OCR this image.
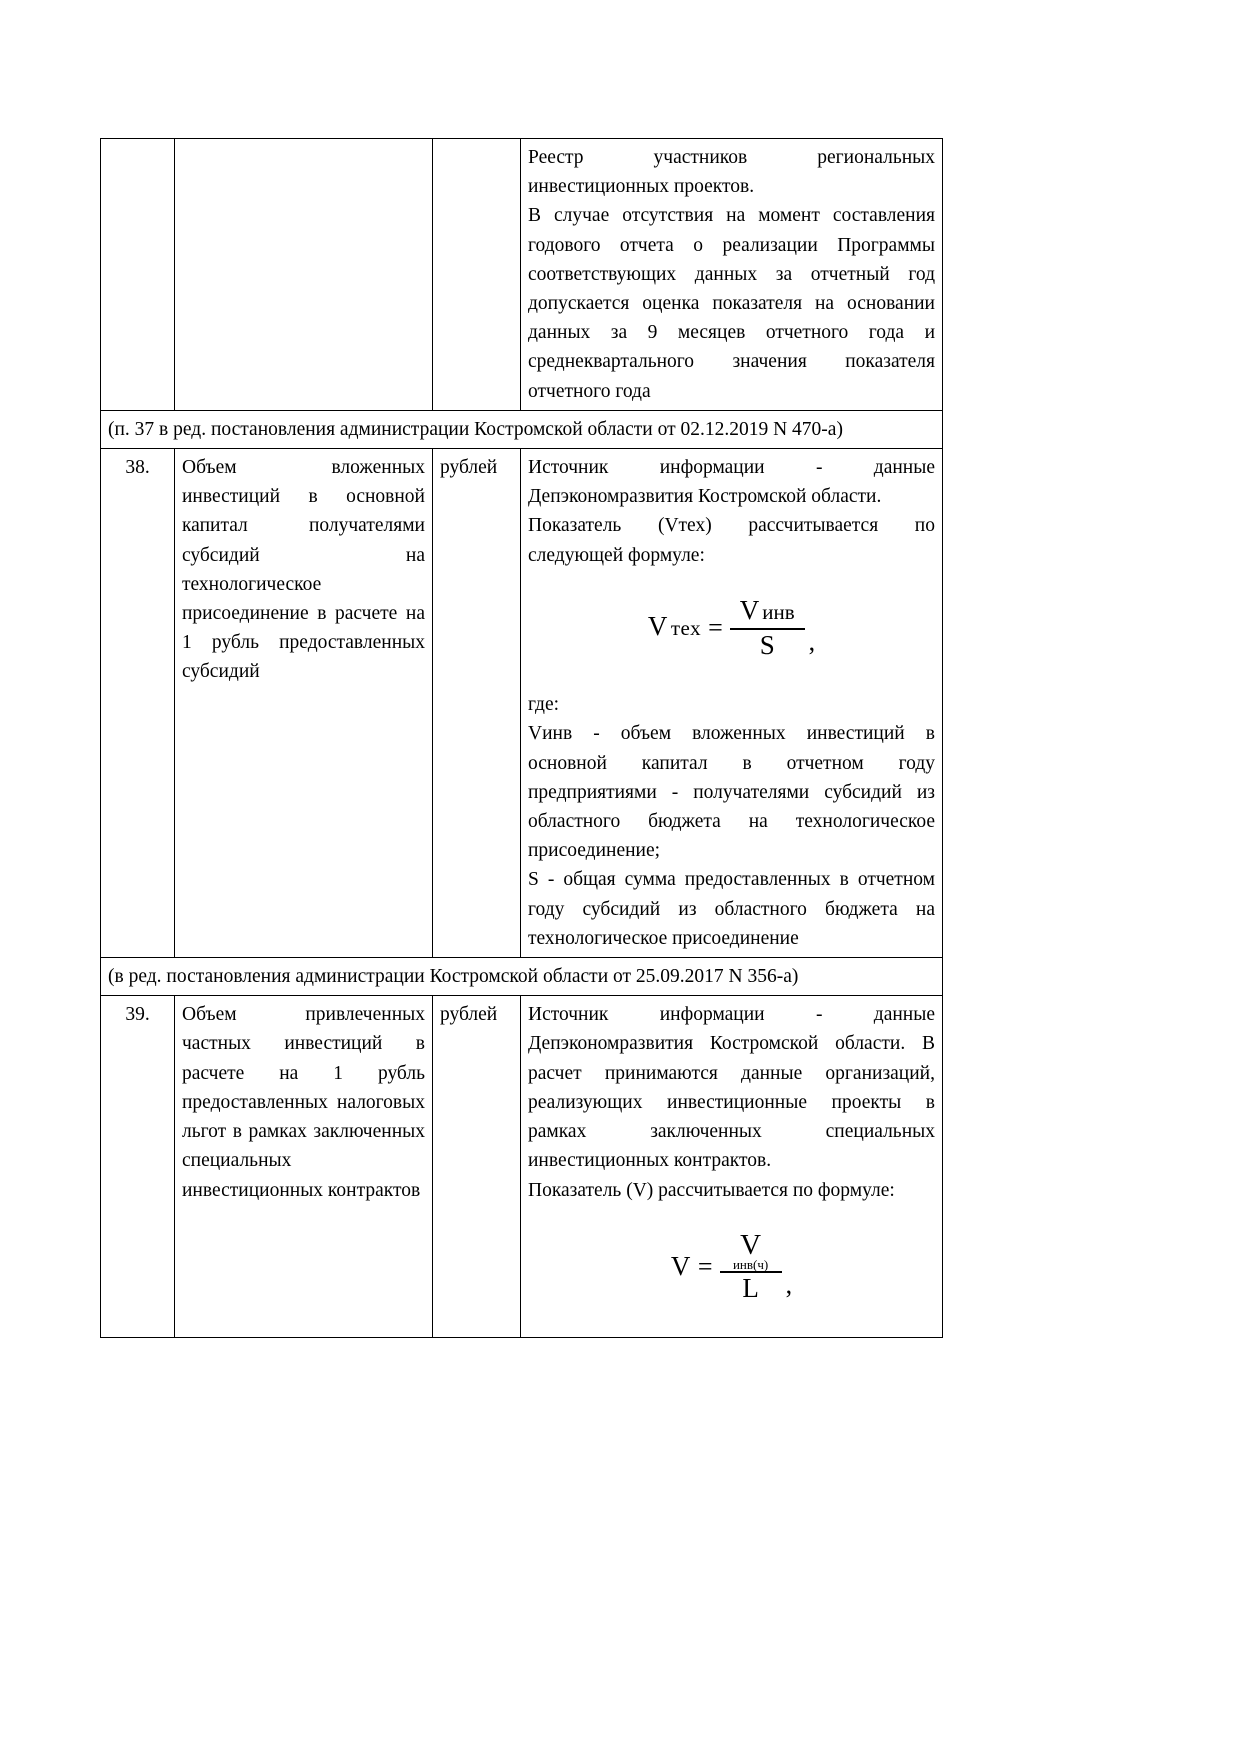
			Реестр участников региональных инвестиционных проектов.

В случае отсутствия на момент составления годового отчета о реализации Программы соответствующих данных за отчетный год допускается оценка показателя на основании данных за 9 месяцев отчетного года и среднеквартального значения показателя отчетного года

(п. 37 в ред. постановления администрации Костромской области от 02.12.2019 N 470-а)			
38.	Объем вложенных инвестиций в основной капитал получателями субсидий на технологическое присоединение в расчете на 1 рубль предоставленных субсидий	рублей	Источник информации - данные Депэкономразвития Костромской области.

Показатель (Vтех) рассчитывается по следующей формуле:

V тех = $\frac{\text{V инв}}{S}$ ,

где:

Vинв - объем вложенных инвестиций в основной капитал в отчетном году предприятиями - получателями субсидий из областного бюджета на технологическое присоединение;

S - общая сумма предоставленных в отчетном году субсидий из областного бюджета на технологическое присоединение

(в ред. постановления администрации Костромской области от 25.09.2017 N 356-а)			
39.	Объем привлеченных частных инвестиций в расчете на 1 рубль предоставленных налоговых льгот в рамках заключенных специальных инвестиционных контрактов	рублей	Источник информации - данные Депэкономразвития Костромской области. В расчет принимаются данные организаций, реализующих инвестиционные проекты в рамках заключенных специальных инвестиционных контрактов.

Показатель (V) рассчитывается по формуле:

V = V
инв(ч)
L ,
